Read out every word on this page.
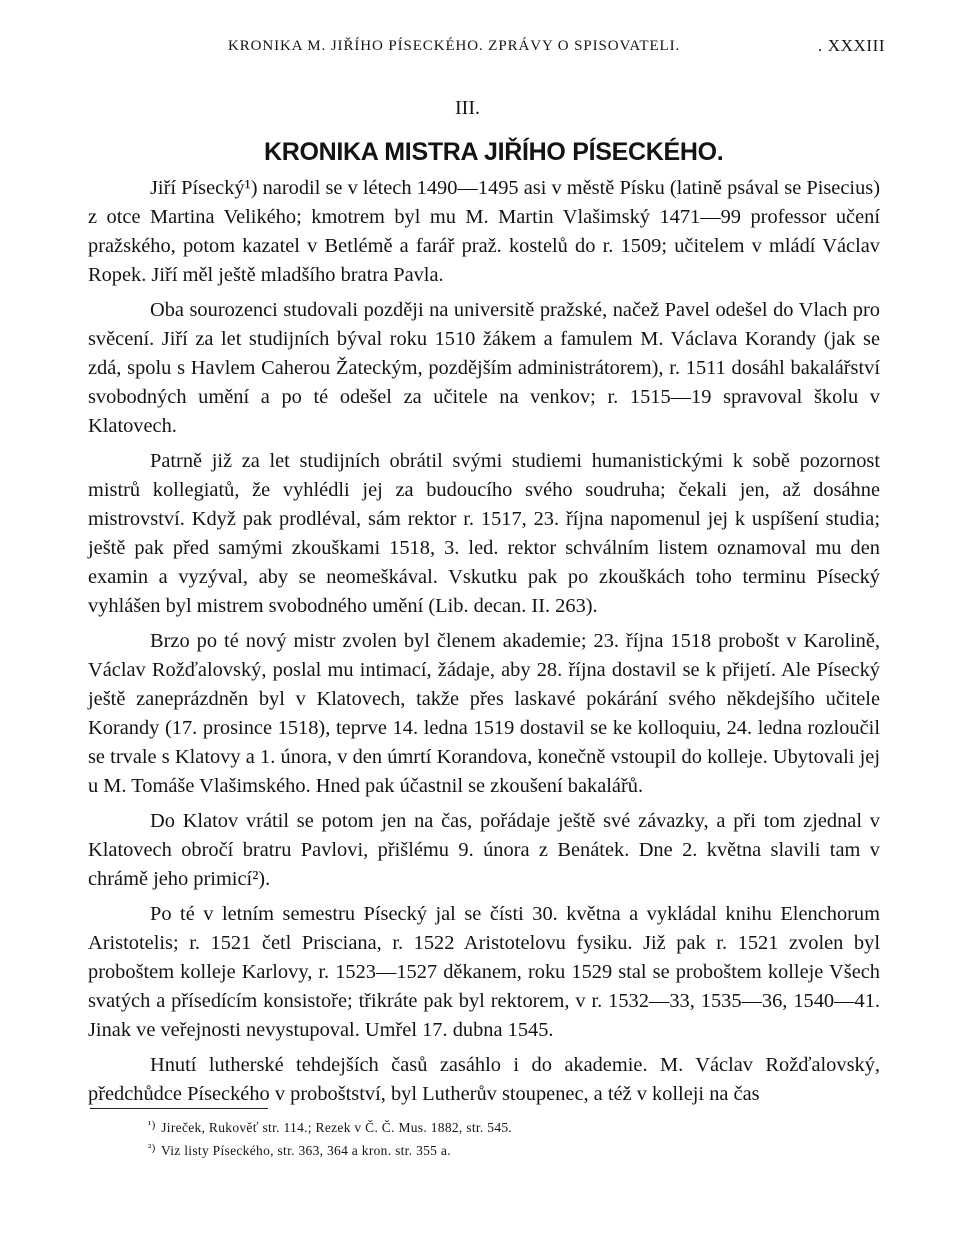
KRONIKA M. JIŘÍHO PÍSECKÉHO. ZPRÁVY O SPISOVATELI.	. XXXIII
III.
KRONIKA MISTRA JIŘÍHO PÍSECKÉHO.

Jiří Písecký¹) narodil se v létech 1490—1495 asi v městě Písku (latině psával se Pisecius) z otce Martina Velikého; kmotrem byl mu M. Martin Vlašimský 1471—99 professor učení pražského, potom kazatel v Betlémě a farář praž. kostelů do r. 1509; učitelem v mládí Václav Ropek. Jiří měl ještě mladšího bratra Pavla.

Oba sourozenci studovali později na universitě pražské, načež Pavel odešel do Vlach pro svěcení. Jiří za let studijních býval roku 1510 žákem a famulem M. Václava Korandy (jak se zdá, spolu s Havlem Caherou Žateckým, pozdějším administrátorem), r. 1511 dosáhl bakalářství svobodných umění a po té odešel za učitele na venkov; r. 1515—19 spravoval školu v Klatovech.

Patrně již za let studijních obrátil svými studiemi humanistickými k sobě pozornost mistrů kollegiatů, že vyhlédli jej za budoucího svého soudruha; čekali jen, až dosáhne mistrovství. Když pak prodléval, sám rektor r. 1517, 23. října napomenul jej k uspíšení studia; ještě pak před samými zkouškami 1518, 3. led. rektor schválním listem oznamoval mu den examin a vyzýval, aby se neomeškával. Vskutku pak po zkouškách toho terminu Písecký vyhlášen byl mistrem svobodného umění (Lib. decan. II. 263).

Brzo po té nový mistr zvolen byl členem akademie; 23. října 1518 probošt v Karolině, Václav Rožďalovský, poslal mu intimací, žádaje, aby 28. října dostavil se k přijetí. Ale Písecký ještě zaneprázdněn byl v Klatovech, takže přes laskavé pokárání svého někdejšího učitele Korandy (17. prosince 1518), teprve 14. ledna 1519 dostavil se ke kolloquiu, 24. ledna rozloučil se trvale s Klatovy a 1. února, v den úmrtí Korandova, konečně vstoupil do kolleje. Ubytovali jej u M. Tomáše Vlašimského. Hned pak účastnil se zkoušení bakalářů.

Do Klatov vrátil se potom jen na čas, pořádaje ještě své závazky, a při tom zjednal v Klatovech obročí bratru Pavlovi, přišlému 9. února z Benátek. Dne 2. května slavili tam v chrámě jeho primicí²).

Po té v letním semestru Písecký jal se čísti 30. května a vykládal knihu Elenchorum Aristotelis; r. 1521 četl Prisciana, r. 1522 Aristotelovu fysiku. Již pak r. 1521 zvolen byl proboštem kolleje Karlovy, r. 1523—1527 děkanem, roku 1529 stal se proboštem kolleje Všech svatých a přísedícím konsistoře; třikráte pak byl rektorem, v r. 1532—33, 1535—36, 1540—41. Jinak ve veřejnosti nevystupoval. Umřel 17. dubna 1545.

Hnutí lutherské tehdejších časů zasáhlo i do akademie. M. Václav Rožďalovský, předchůdce Píseckého v proboštství, byl Lutherův stoupenec, a též v kolleji na čas

$^{^1)}$ Jireček, Rukověť str. 114.; Rezek v Č. Č. Mus. 1882, str. 545.
$^{^2)}$ Viz listy Píseckého, str. 363, 364 a kron. str. 355 a.
